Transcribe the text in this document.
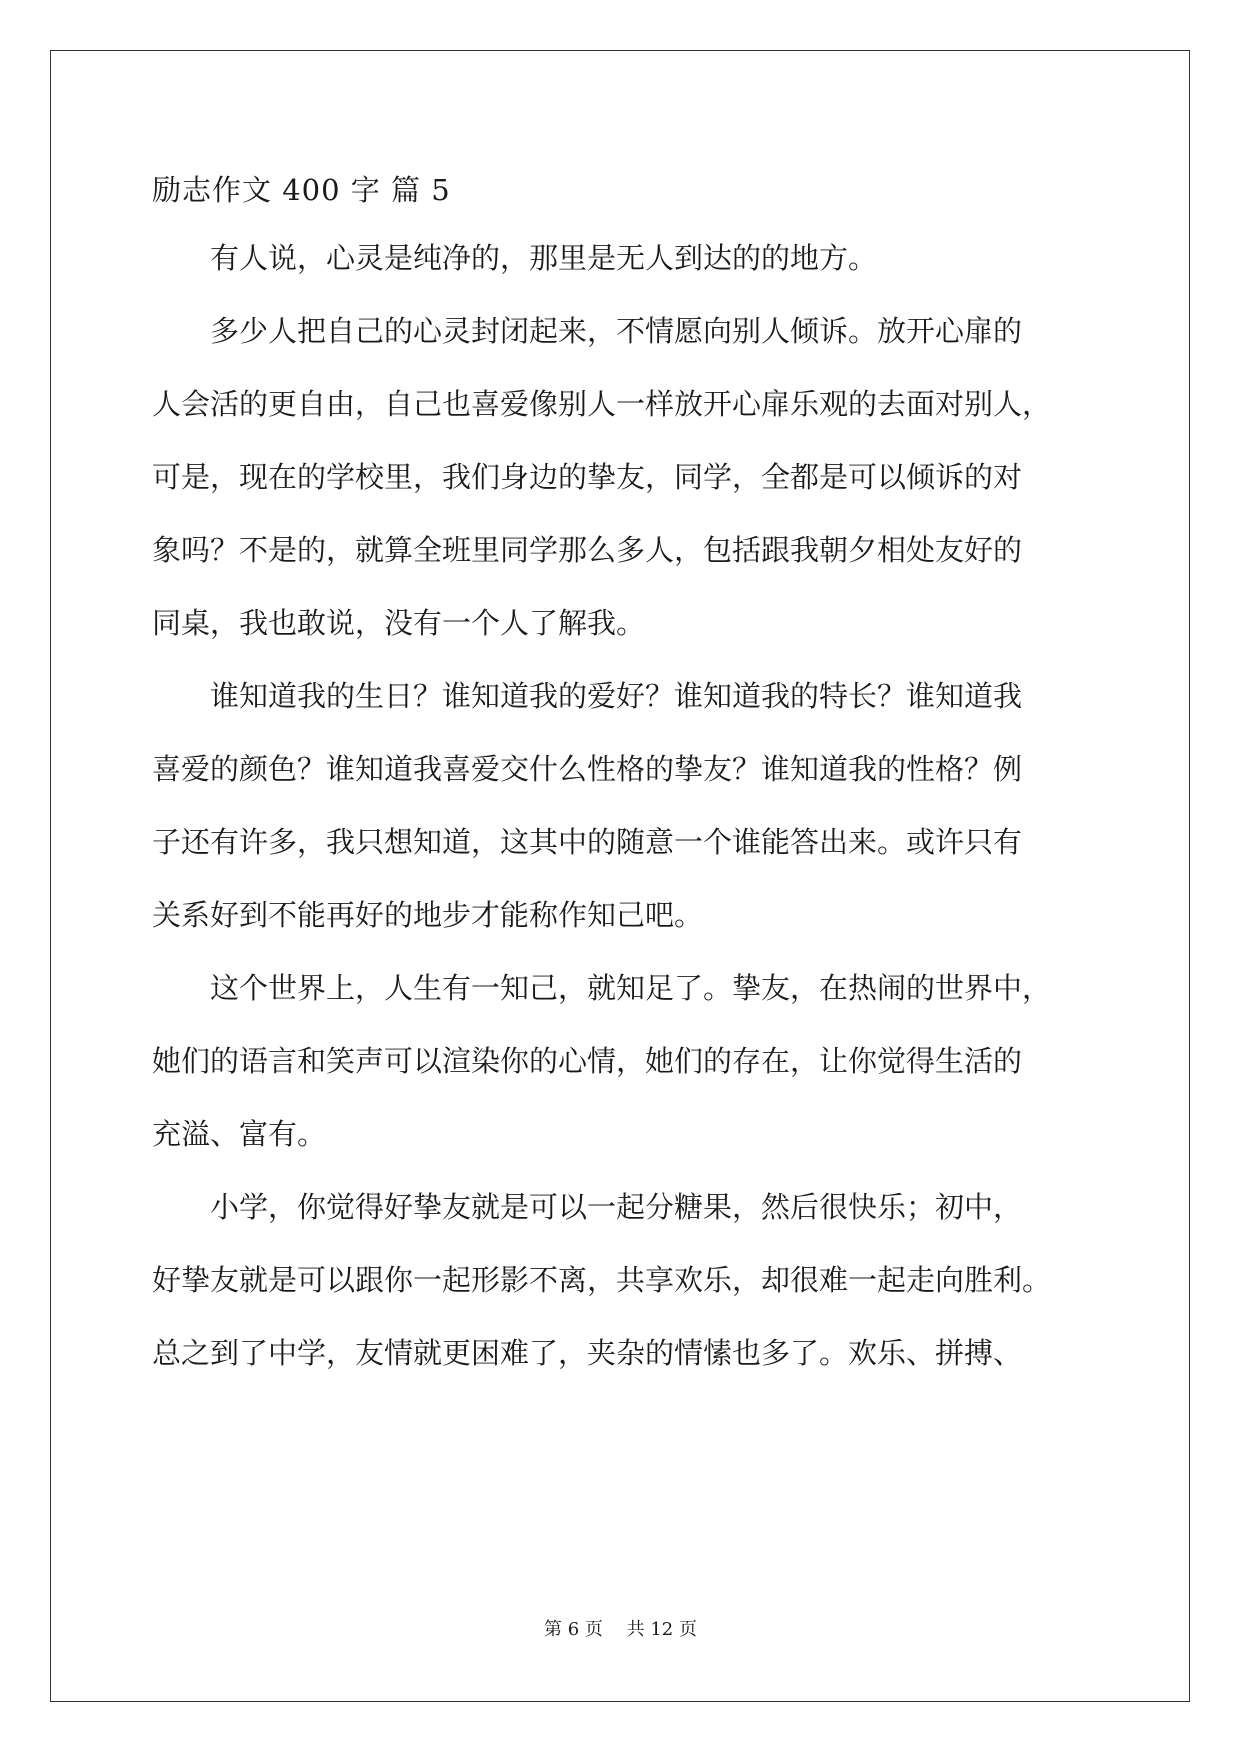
励志作文 400 字 篇 5
　　有人说，心灵是纯净的，那里是无人到达的的地方。
　　多少人把自己的心灵封闭起来，不情愿向别人倾诉。放开心扉的
人会活的更自由，自己也喜爱像别人一样放开心扉乐观的去面对别人，
可是，现在的学校里，我们身边的挚友，同学，全都是可以倾诉的对
象吗？不是的，就算全班里同学那么多人，包括跟我朝夕相处友好的
同桌，我也敢说，没有一个人了解我。
　　谁知道我的生日？谁知道我的爱好？谁知道我的特长？谁知道我
喜爱的颜色？谁知道我喜爱交什么性格的挚友？谁知道我的性格？例
子还有许多，我只想知道，这其中的随意一个谁能答出来。或许只有
关系好到不能再好的地步才能称作知己吧。
　　这个世界上，人生有一知己，就知足了。挚友，在热闹的世界中，
她们的语言和笑声可以渲染你的心情，她们的存在，让你觉得生活的
充溢、富有。
　　小学，你觉得好挚友就是可以一起分糖果，然后很快乐；初中，
好挚友就是可以跟你一起形影不离，共享欢乐，却很难一起走向胜利。
总之到了中学，友情就更困难了，夹杂的情愫也多了。欢乐、拼搏、
第 6 页　 共 12 页
